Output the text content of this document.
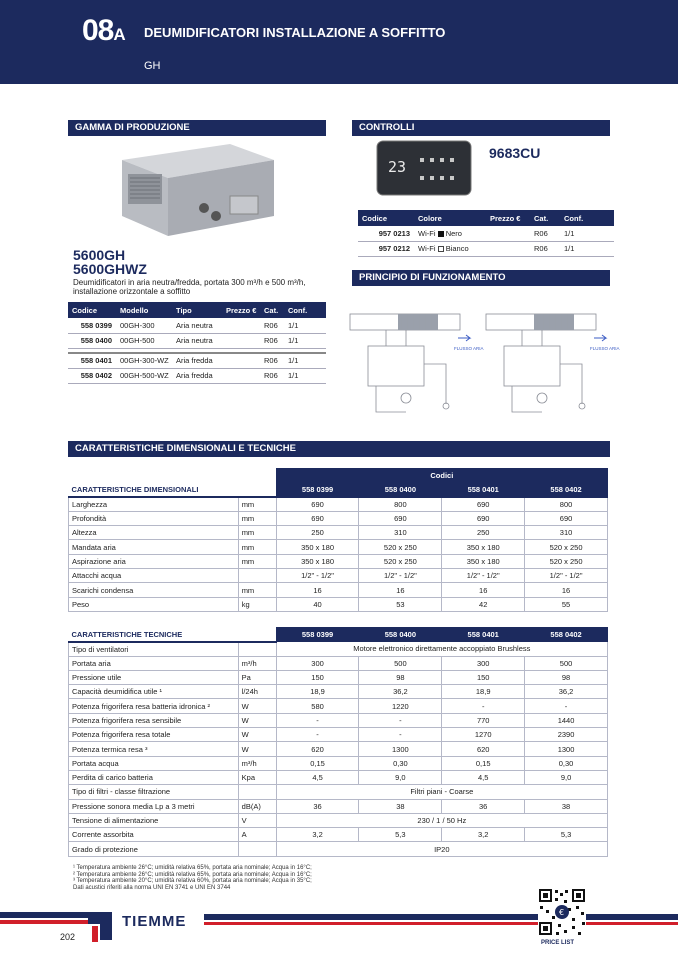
08A DEUMIDIFICATORI INSTALLAZIONE A SOFFITTO
GH
GAMMA DI PRODUZIONE
5600GH
5600GHWZ
Deumidificatori in aria neutra/fredda, portata 300 m³/h e 500 m³/h, installazione orizzontale a soffitto
Codice	Modello	Tipo	Prezzo €	Cat.	Conf.
558 0399	00GH-300	Aria neutra		R06	1/1
558 0400	00GH-500	Aria neutra		R06	1/1

558 0401	00GH-300-WZ	Aria fredda		R06	1/1
558 0402	00GH-500-WZ	Aria fredda		R06	1/1
CONTROLLI
23
9683CU
Codice	Colore	Prezzo €	Cat.	Conf.
957 0213	Wi-Fi Nero		R06	1/1
957 0212	Wi-Fi Bianco		R06	1/1
PRINCIPIO DI FUNZIONAMENTO
FLUSSO ARIA	FLUSSO ARIA
CARATTERISTICHE DIMENSIONALI E TECNICHE
		Codici			
CARATTERISTICHE DIMENSIONALI		558 0399	558 0400	558 0401	558 0402
Larghezza	mm	690	800	690	800
Profondità	mm	690	690	690	690
Altezza	mm	250	310	250	310
Mandata aria	mm	350 x 180	520 x 250	350 x 180	520 x 250
Aspirazione aria	mm	350 x 180	520 x 250	350 x 180	520 x 250
Attacchi acqua		1/2" - 1/2"	1/2" - 1/2"	1/2" - 1/2"	1/2" - 1/2"
Scarichi condensa	mm	16	16	16	16
Peso	kg	40	53	42	55
CARATTERISTICHE TECNICHE		558 0399	558 0400	558 0401	558 0402
Tipo di ventilatori		Motore elettronico direttamente accoppiato Brushless			
Portata aria	m³/h	300	500	300	500
Pressione utile	Pa	150	98	150	98
Capacità deumidifica utile ¹	l/24h	18,9	36,2	18,9	36,2
Potenza frigorifera resa batteria idronica ²	W	580	1220	-	-
Potenza frigorifera resa sensibile	W	-	-	770	1440
Potenza frigorifera resa totale	W	-	-	1270	2390
Potenza termica resa ³	W	620	1300	620	1300
Portata acqua	m³/h	0,15	0,30	0,15	0,30
Perdita di carico batteria	Kpa	4,5	9,0	4,5	9,0
Tipo di filtri - classe filtrazione		Filtri piani - Coarse			
Pressione sonora media Lp a 3 metri	dB(A)	36	38	36	38
Tensione di alimentazione	V	230 / 1 / 50 Hz			
Corrente assorbita	A	3,2	5,3	3,2	5,3
Grado di protezione		IP20			
¹ Temperatura ambiente 26°C; umidità relativa 65%, portata aria nominale; Acqua in 16°C;
² Temperatura ambiente 26°C; umidità relativa 65%, portata aria nominale; Acqua in 16°C;
³ Temperatura ambiente 20°C; umidità relativa 60%, portata aria nominale; Acqua in 35°C;
Dati acustici riferiti alla norma UNI EN 3741 e UNI EN 3744
202
TIEMME
€
PRICE LIST
